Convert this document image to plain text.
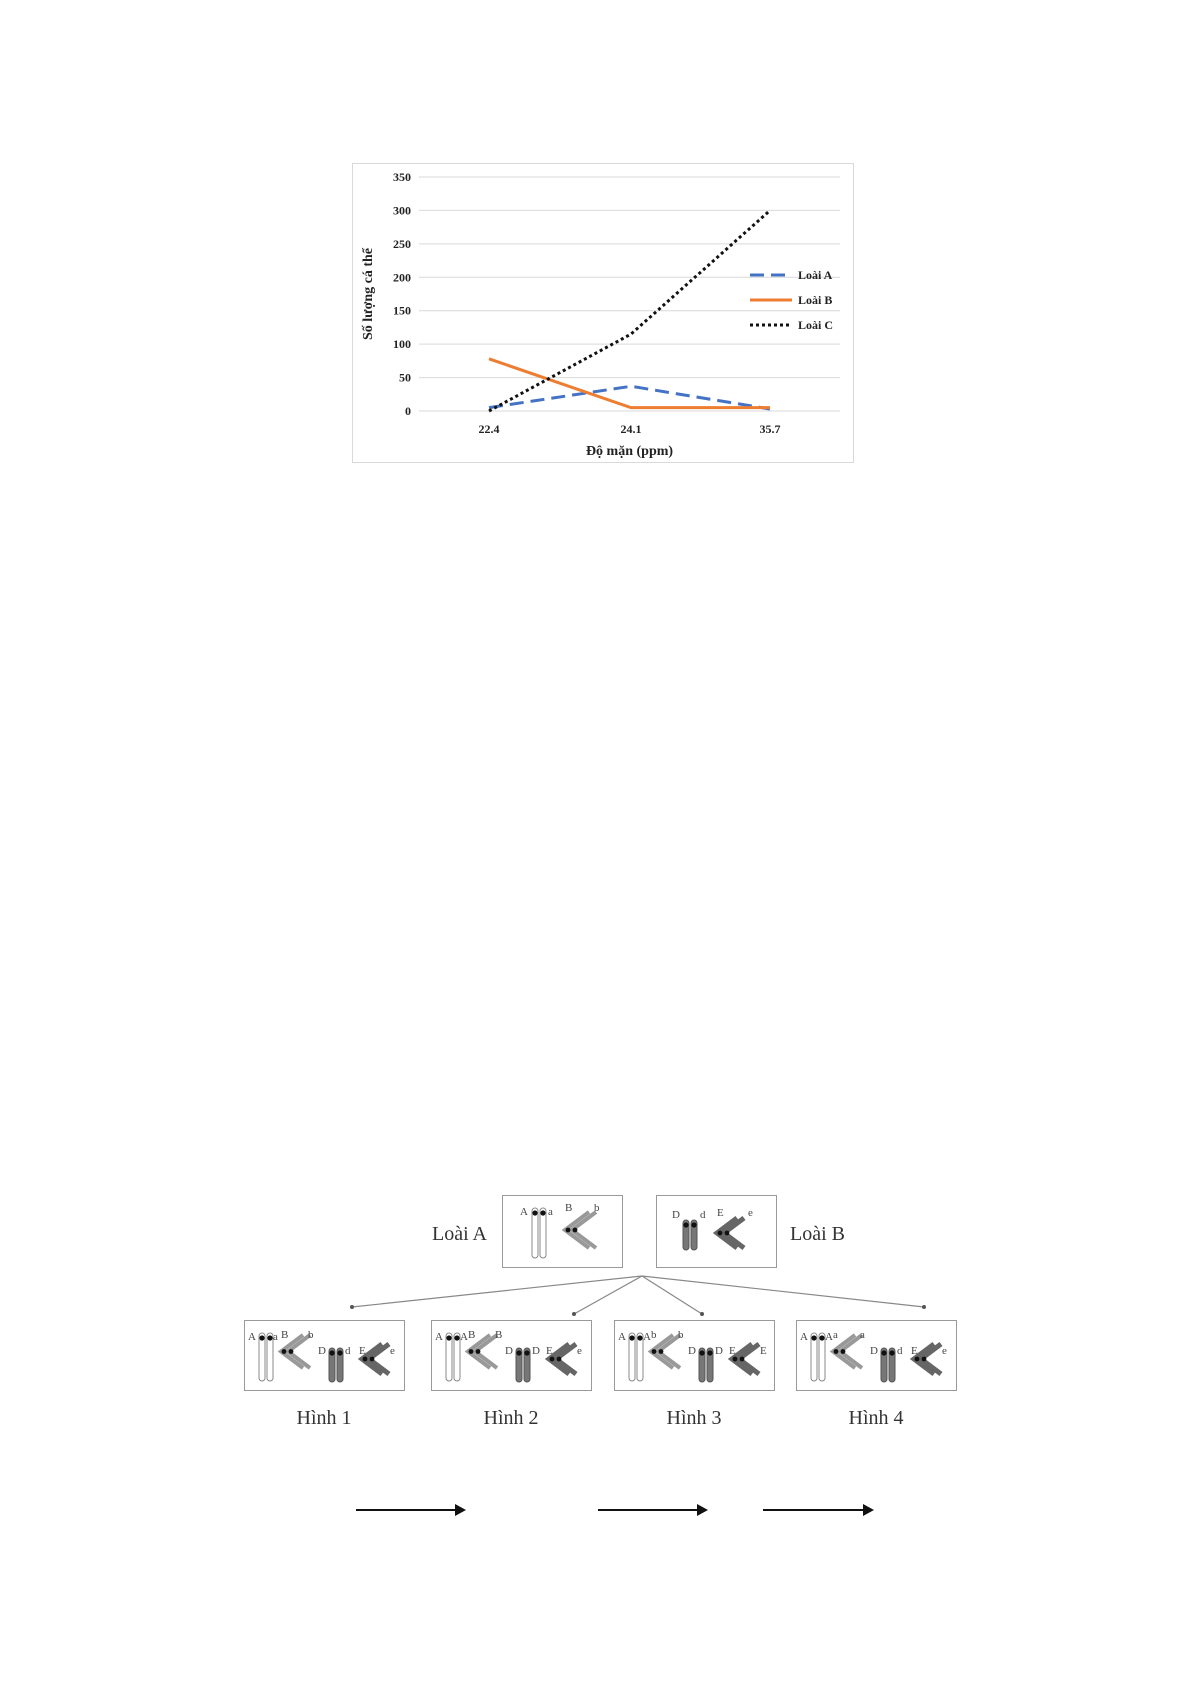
0
50
100
150
200
250
300
350
22.4	24.1	35.7
Độ mặn (ppm)
Số lượng cá thể	Loài A
Loài B
Loài C
A a B b
Loài A
D d E e
Loài B
A a B b
D d E e
Hình 1
A A B B
D D E e
Hình 2
A A b b
D D E E
Hình 3
A A a a
D d E e
Hình 4
